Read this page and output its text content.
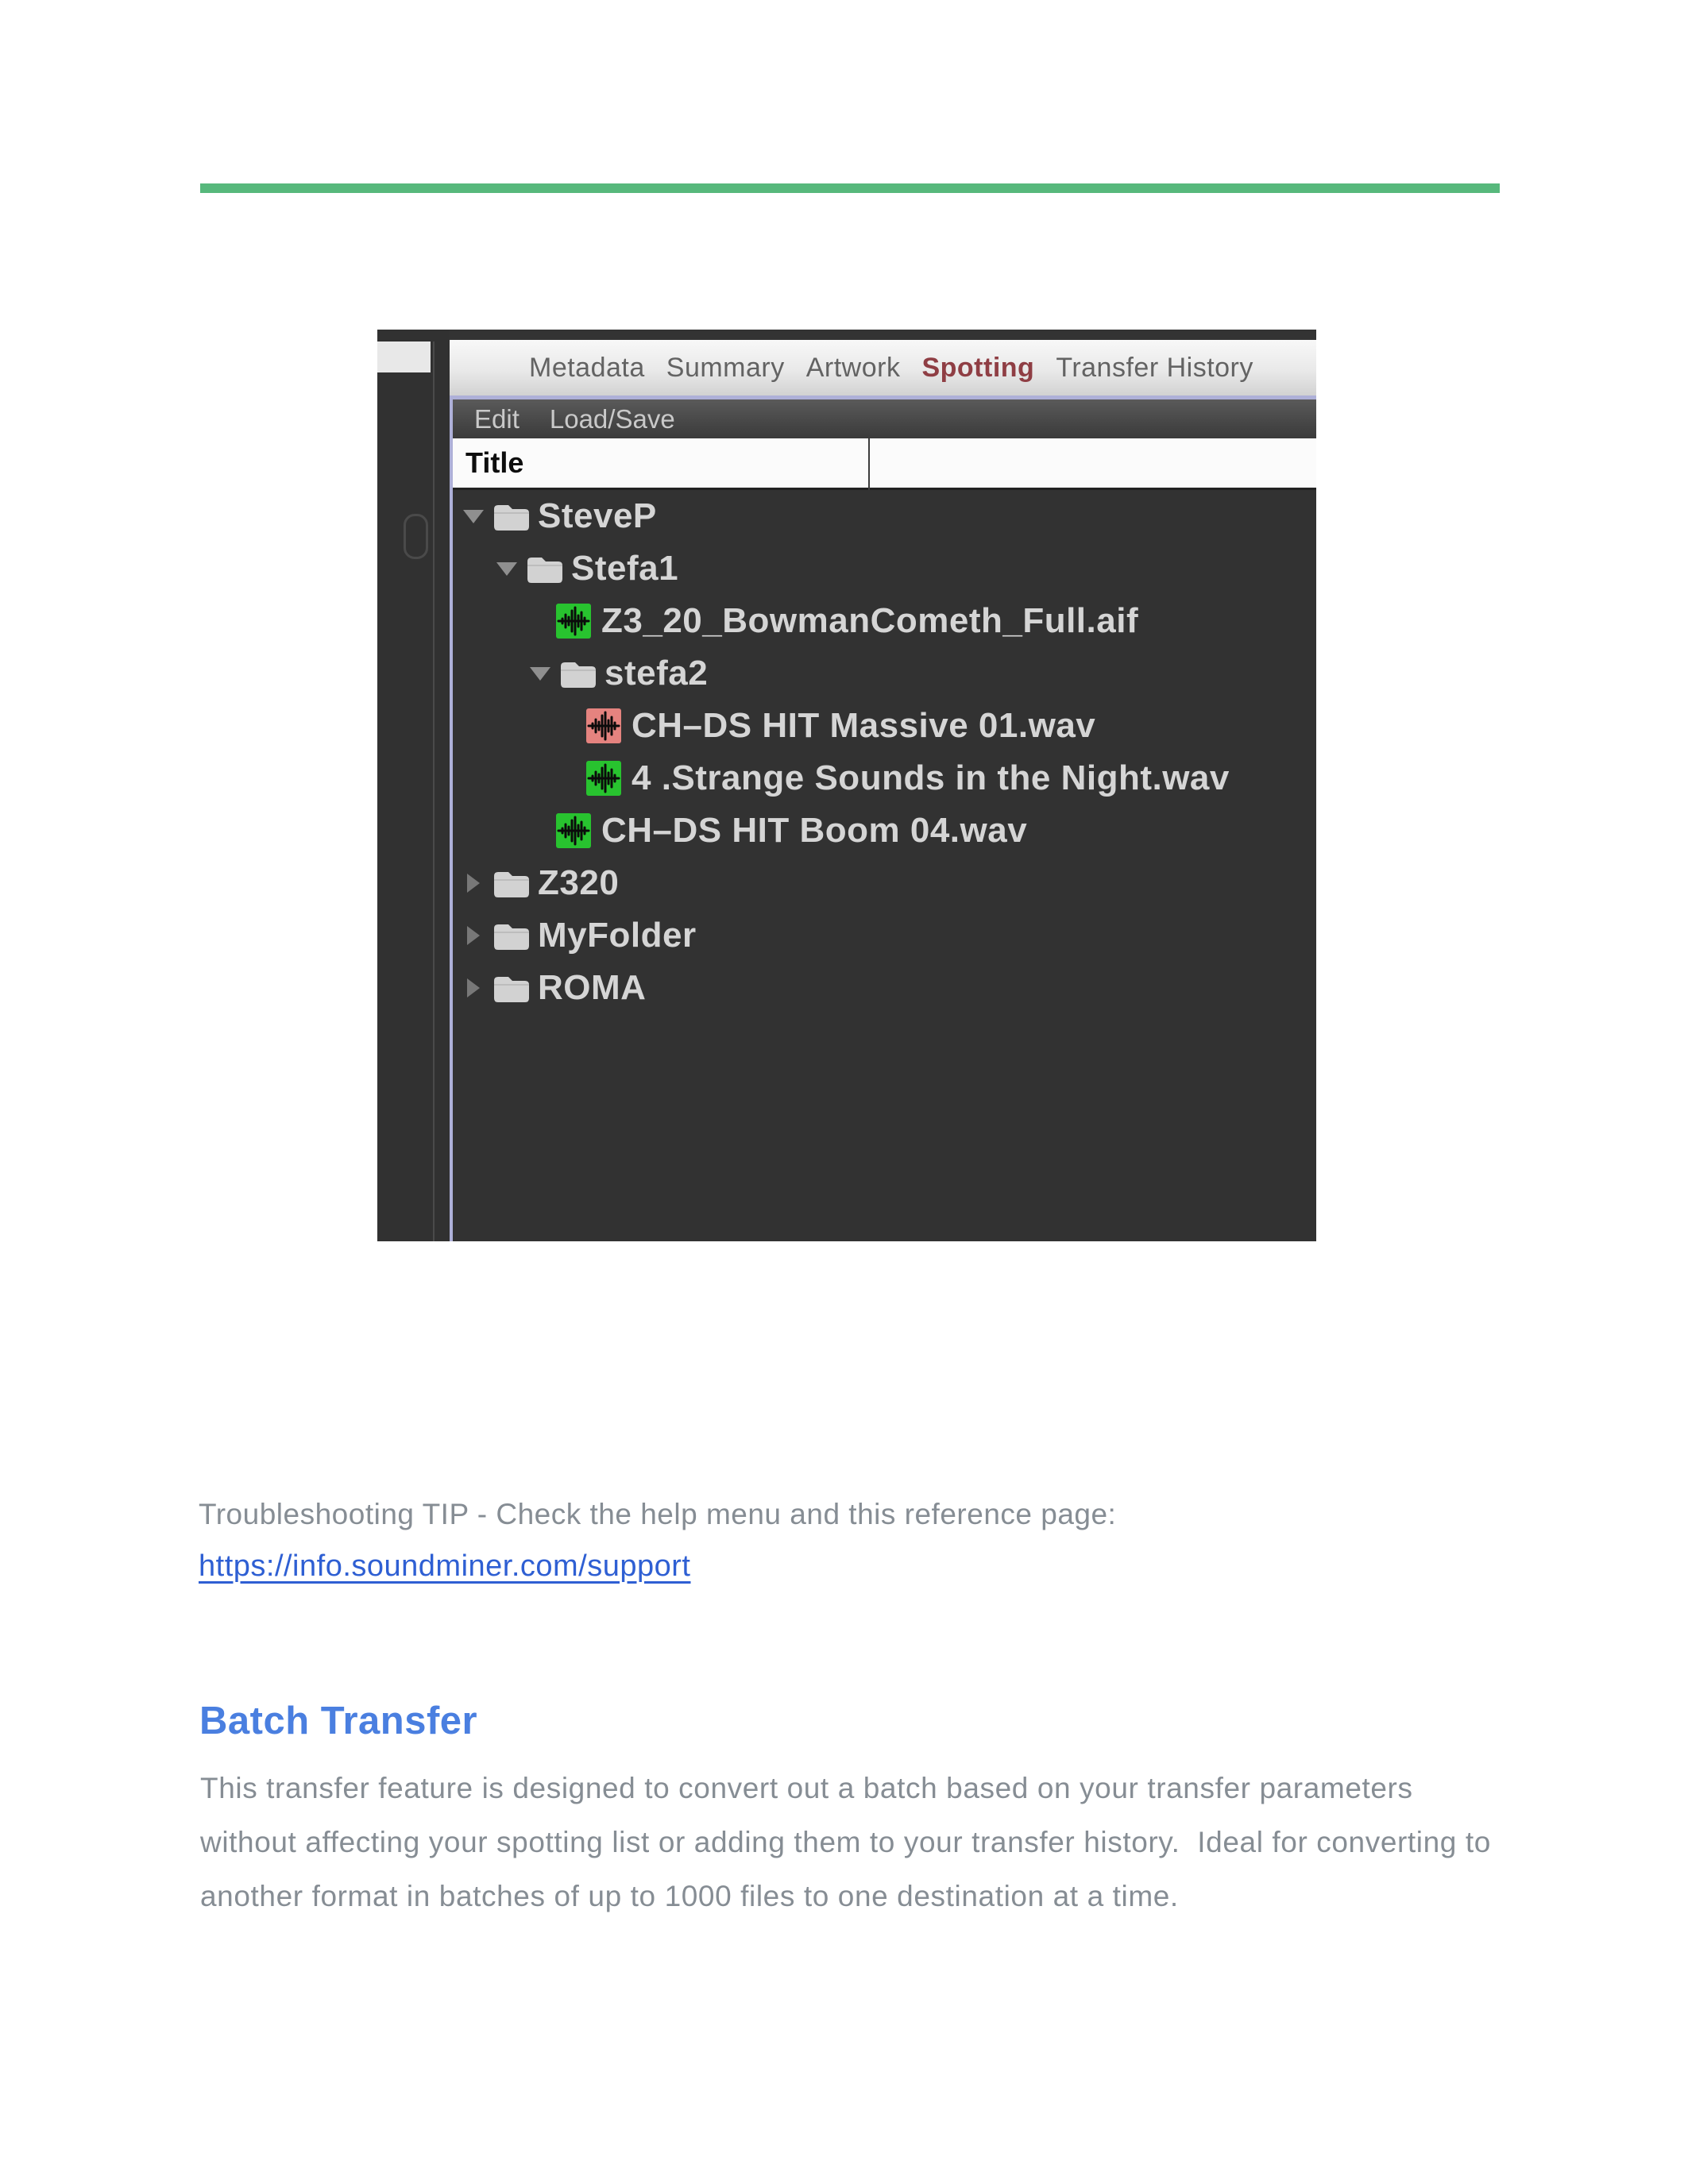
Metadata Summary Artwork Spotting Transfer History
Edit Load/Save
Title
SteveP
Stefa1
Z3_20_BowmanCometh_Full.aif
stefa2
CH–DS HIT Massive 01.wav
4 .Strange Sounds in the Night.wav
CH–DS HIT Boom 04.wav
Z320
MyFolder
ROMA
Troubleshooting TIP - Check the help menu and this reference page:
https://info.soundminer.com/support
Batch Transfer
This transfer feature is designed to convert out a batch based on your transfer parameters
without affecting your spotting list or adding them to your transfer history.  Ideal for converting to
another format in batches of up to 1000 files to one destination at a time.
